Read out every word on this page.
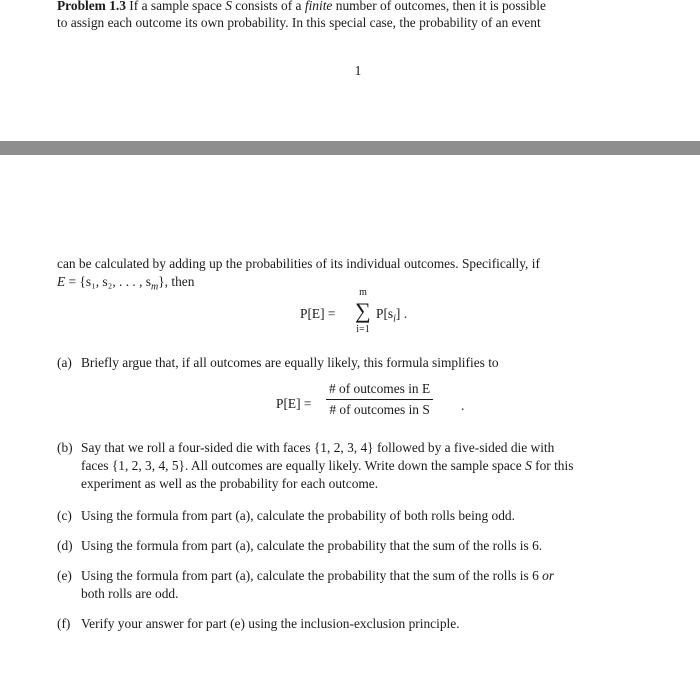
Problem 1.3 If a sample space S consists of a finite number of outcomes, then it is possible
to assign each outcome its own probability. In this special case, the probability of an event
1
can be calculated by adding up the probabilities of its individual outcomes. Specifically, if
E = {s₁, s₂, . . . , $s_m$}, then
P[E] =
m
∑
i=1
$P[s_i]$ .
(a) Briefly argue that, if all outcomes are equally likely, this formula simplifies to
P[E] =
# of outcomes in E
# of outcomes in S .
(b) Say that we roll a four-sided die with faces {1, 2, 3, 4} followed by a five-sided die with
faces {1, 2, 3, 4, 5}. All outcomes are equally likely. Write down the sample space S for this
experiment as well as the probability for each outcome.
(c) Using the formula from part (a), calculate the probability of both rolls being odd.
(d) Using the formula from part (a), calculate the probability that the sum of the rolls is 6.
(e) Using the formula from part (a), calculate the probability that the sum of the rolls is 6 or
both rolls are odd.
(f) Verify your answer for part (e) using the inclusion-exclusion principle.
